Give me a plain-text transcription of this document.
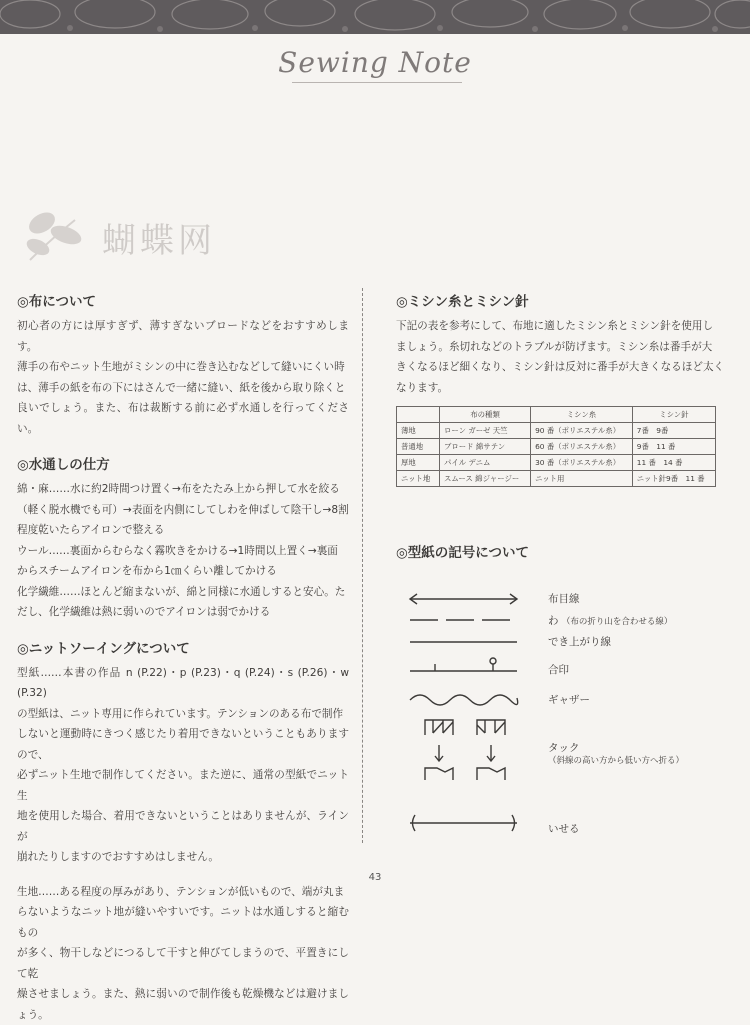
Sewing Note
蝴蝶网
◎布について

初心者の方には厚すぎず、薄すぎないブロードなどをおすすめします。

薄手の布やニット生地がミシンの中に巻き込むなどして縫いにくい時

は、薄手の紙を布の下にはさんで一緒に縫い、紙を後から取り除くと

良いでしょう。また、布は裁断する前に必ず水通しを行ってください。

◎水通しの仕方

綿・麻……水に約2時間つけ置く→布をたたみ上から押して水を絞る

（軽く脱水機でも可）→表面を内側にしてしわを伸ばして陰干し→8割

程度乾いたらアイロンで整える

ウール……裏面からむらなく霧吹きをかける→1時間以上置く→裏面

からスチームアイロンを布から1㎝くらい離してかける

化学繊維……ほとんど縮まないが、綿と同様に水通しすると安心。た

だし、化学繊維は熱に弱いのでアイロンは弱でかける

◎ニットソーイングについて

型紙……本書の作品 n (P.22)・p (P.23)・q (P.24)・s (P.26)・w (P.32)

の型紙は、ニット専用に作られています。テンションのある布で制作

しないと運動時にきつく感じたり着用できないということもありますので、

必ずニット生地で制作してください。また逆に、通常の型紙でニット生

地を使用した場合、着用できないということはありませんが、ラインが

崩れたりしますのでおすすめはしません。

生地……ある程度の厚みがあり、テンションが低いもので、端が丸ま

らないようなニット地が縫いやすいです。ニットは水通しすると縮むもの

が多く、物干しなどにつるして干すと伸びてしまうので、平置きにして乾

燥させましょう。また、熱に弱いので制作後も乾燥機などは避けましょう。

◎ミシン糸とミシン針

下記の表を参考にして、布地に適したミシン糸とミシン針を使用し

ましょう。糸切れなどのトラブルが防げます。ミシン糸は番手が大

きくなるほど細くなり、ミシン針は反対に番手が大きくなるほど太く

なります。

	布の種類	ミシン糸	ミシン針
薄地	ローン ガーゼ 天竺	90 番（ポリエステル糸）	7番　9番
普通地	ブロード 綿サテン	60 番（ポリエステル糸）	9番　11 番
厚地	パイル デニム	30 番（ポリエステル糸）	11 番　14 番
ニット地	スムース 綿ジャージー	ニット用	ニット針9番　11 番
◎型紙の記号について
布目線
わ （布の折り山を合わせる線）
でき上がり線
合印
ギャザー
タック
（斜線の高い方から低い方へ折る）
いせる
43
